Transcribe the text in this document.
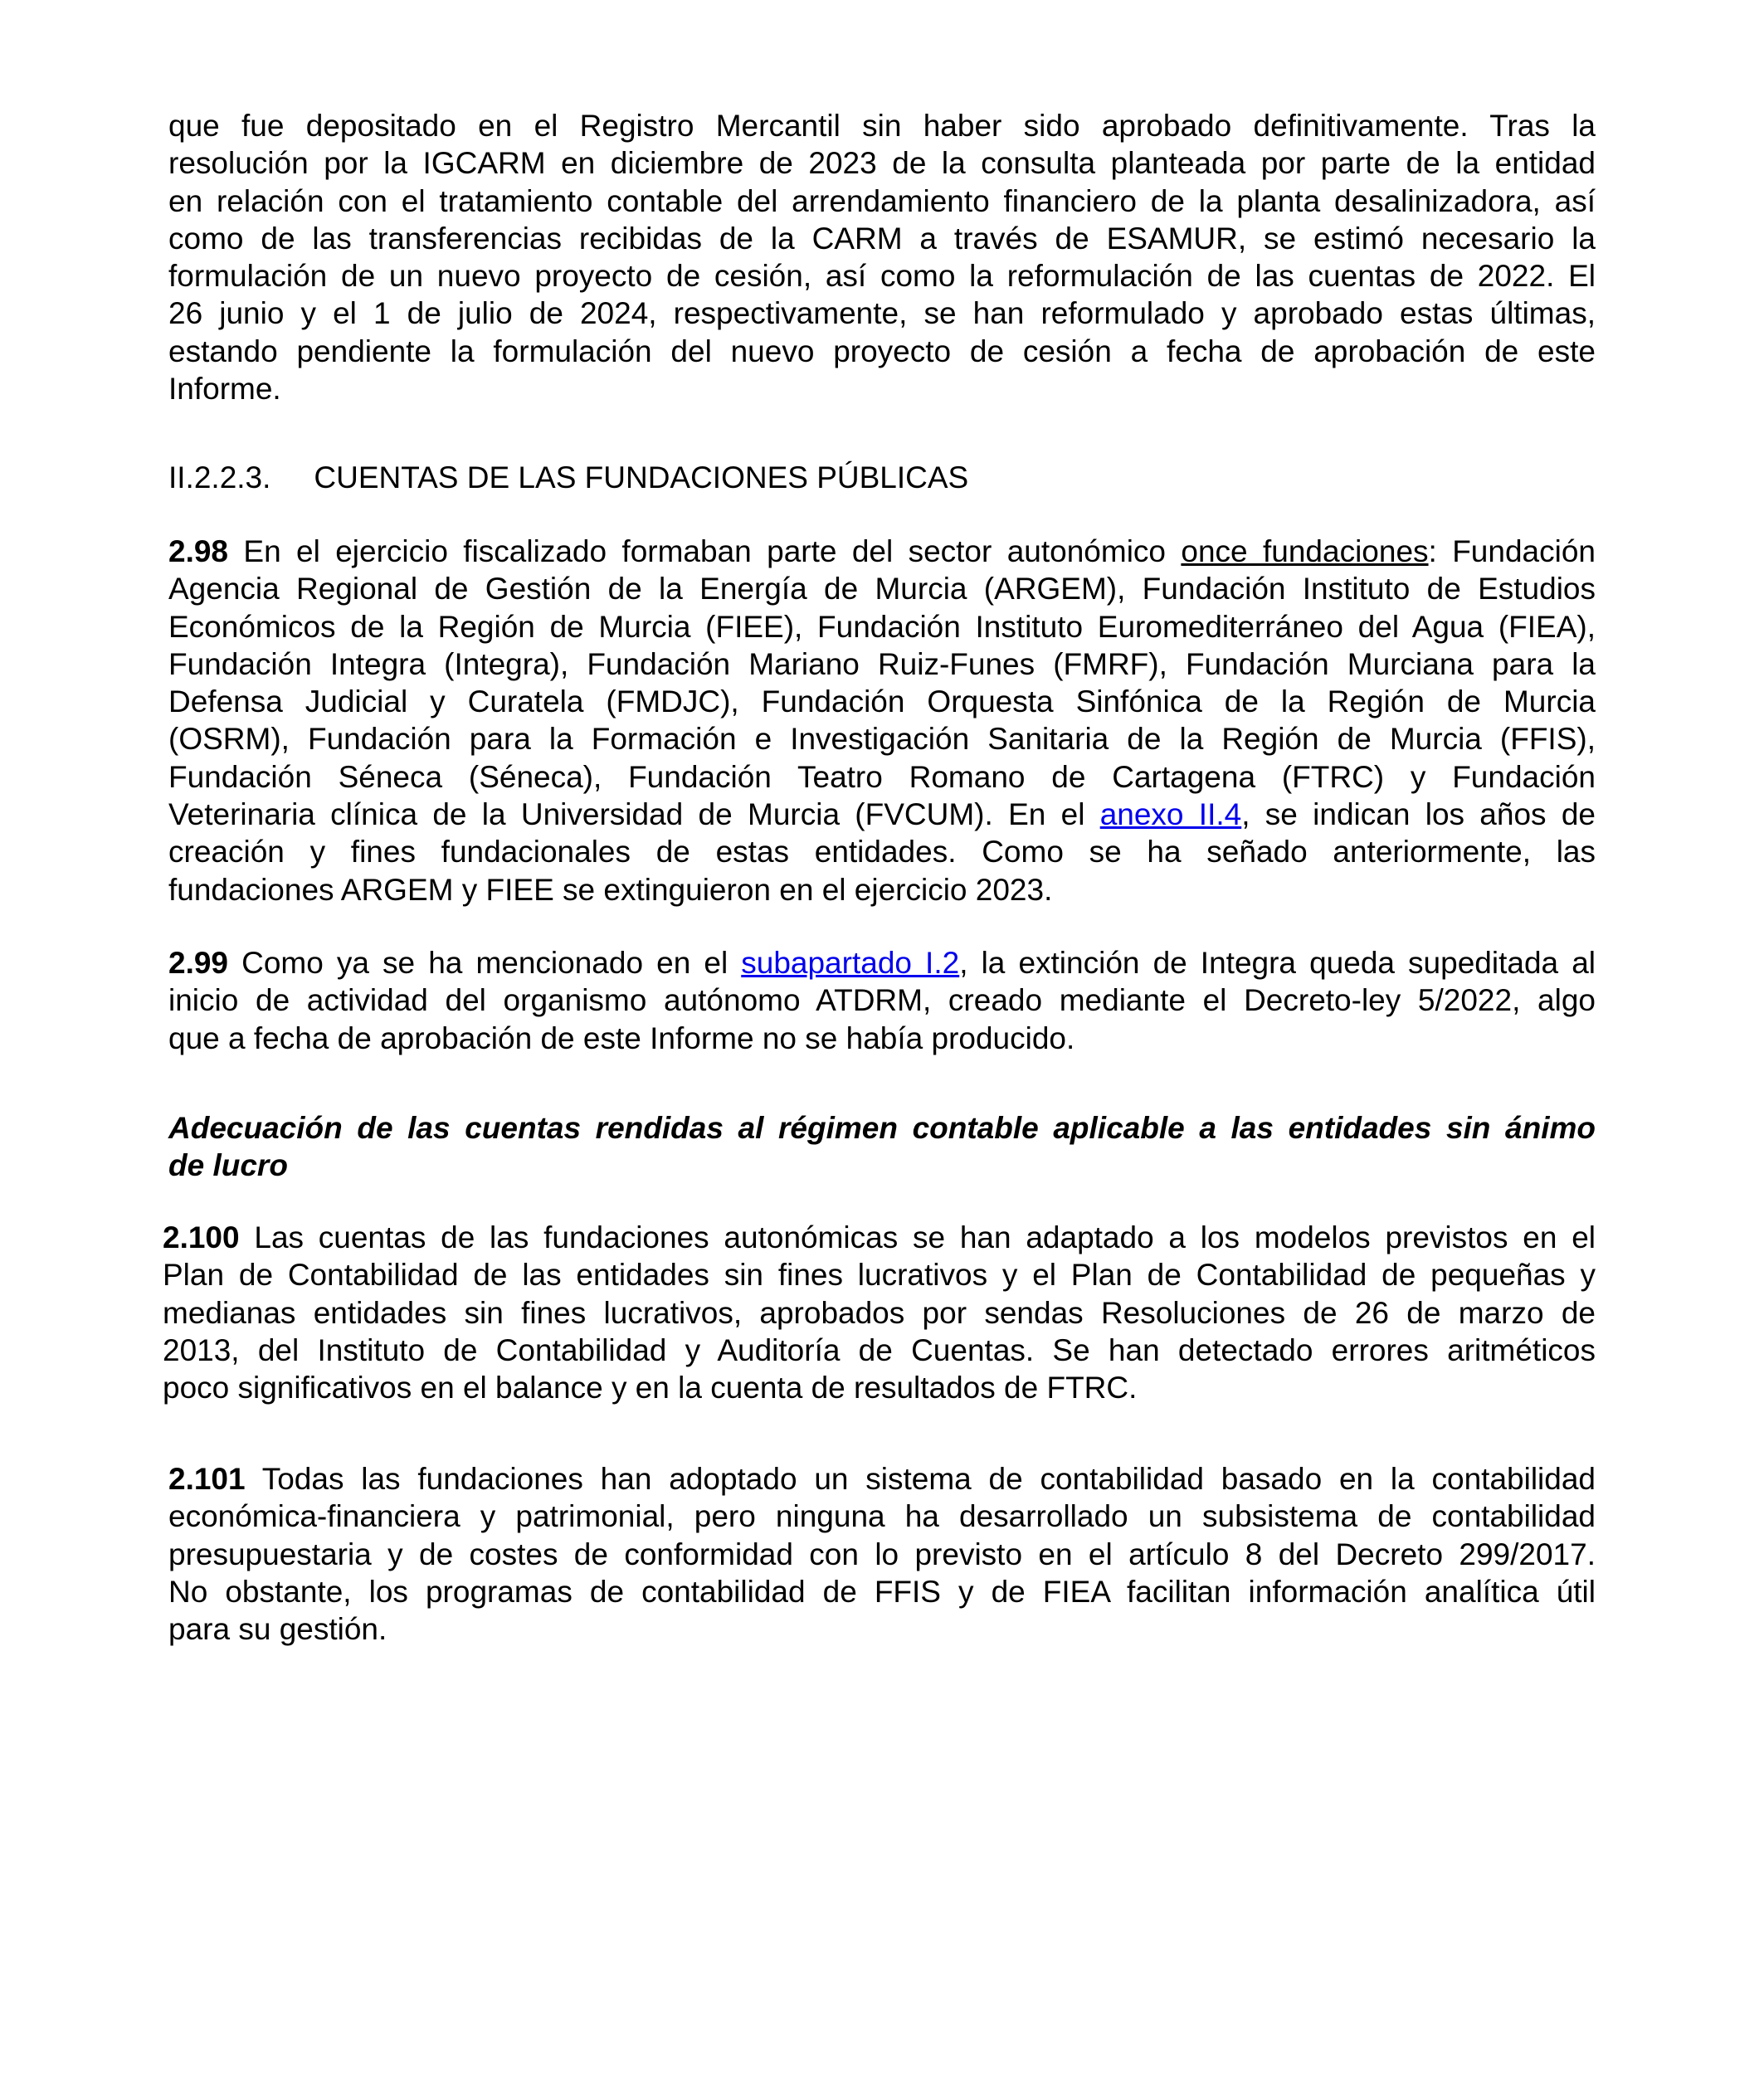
que fue depositado en el Registro Mercantil sin haber sido aprobado definitivamente. Tras la
resolución por la IGCARM en diciembre de 2023 de la consulta planteada por parte de la entidad
en relación con el tratamiento contable del arrendamiento financiero de la planta desalinizadora, así
como de las transferencias recibidas de la CARM a través de ESAMUR, se estimó necesario la
formulación de un nuevo proyecto de cesión, así como la reformulación de las cuentas de 2022. El
26 junio y el 1 de julio de 2024, respectivamente, se han reformulado y aprobado estas últimas,
estando pendiente la formulación del nuevo proyecto de cesión a fecha de aprobación de este
Informe.
II.2.2.3. CUENTAS DE LAS FUNDACIONES PÚBLICAS
2.98 En el ejercicio fiscalizado formaban parte del sector autonómico once fundaciones: Fundación
Agencia Regional de Gestión de la Energía de Murcia (ARGEM), Fundación Instituto de Estudios
Económicos de la Región de Murcia (FIEE), Fundación Instituto Euromediterráneo del Agua (FIEA),
Fundación Integra (Integra), Fundación Mariano Ruiz-Funes (FMRF), Fundación Murciana para la
Defensa Judicial y Curatela (FMDJC), Fundación Orquesta Sinfónica de la Región de Murcia
(OSRM), Fundación para la Formación e Investigación Sanitaria de la Región de Murcia (FFIS),
Fundación Séneca (Séneca), Fundación Teatro Romano de Cartagena (FTRC) y Fundación
Veterinaria clínica de la Universidad de Murcia (FVCUM). En el anexo II.4, se indican los años de
creación y fines fundacionales de estas entidades. Como se ha señado anteriormente, las
fundaciones ARGEM y FIEE se extinguieron en el ejercicio 2023.
2.99 Como ya se ha mencionado en el subapartado I.2, la extinción de Integra queda supeditada al
inicio de actividad del organismo autónomo ATDRM, creado mediante el Decreto-ley 5/2022, algo
que a fecha de aprobación de este Informe no se había producido.
Adecuación de las cuentas rendidas al régimen contable aplicable a las entidades sin ánimo
de lucro
2.100 Las cuentas de las fundaciones autonómicas se han adaptado a los modelos previstos en el
Plan de Contabilidad de las entidades sin fines lucrativos y el Plan de Contabilidad de pequeñas y
medianas entidades sin fines lucrativos, aprobados por sendas Resoluciones de 26 de marzo de
2013, del Instituto de Contabilidad y Auditoría de Cuentas. Se han detectado errores aritméticos
poco significativos en el balance y en la cuenta de resultados de FTRC.
2.101 Todas las fundaciones han adoptado un sistema de contabilidad basado en la contabilidad
económica-financiera y patrimonial, pero ninguna ha desarrollado un subsistema de contabilidad
presupuestaria y de costes de conformidad con lo previsto en el artículo 8 del Decreto 299/2017.
No obstante, los programas de contabilidad de FFIS y de FIEA facilitan información analítica útil
para su gestión.
